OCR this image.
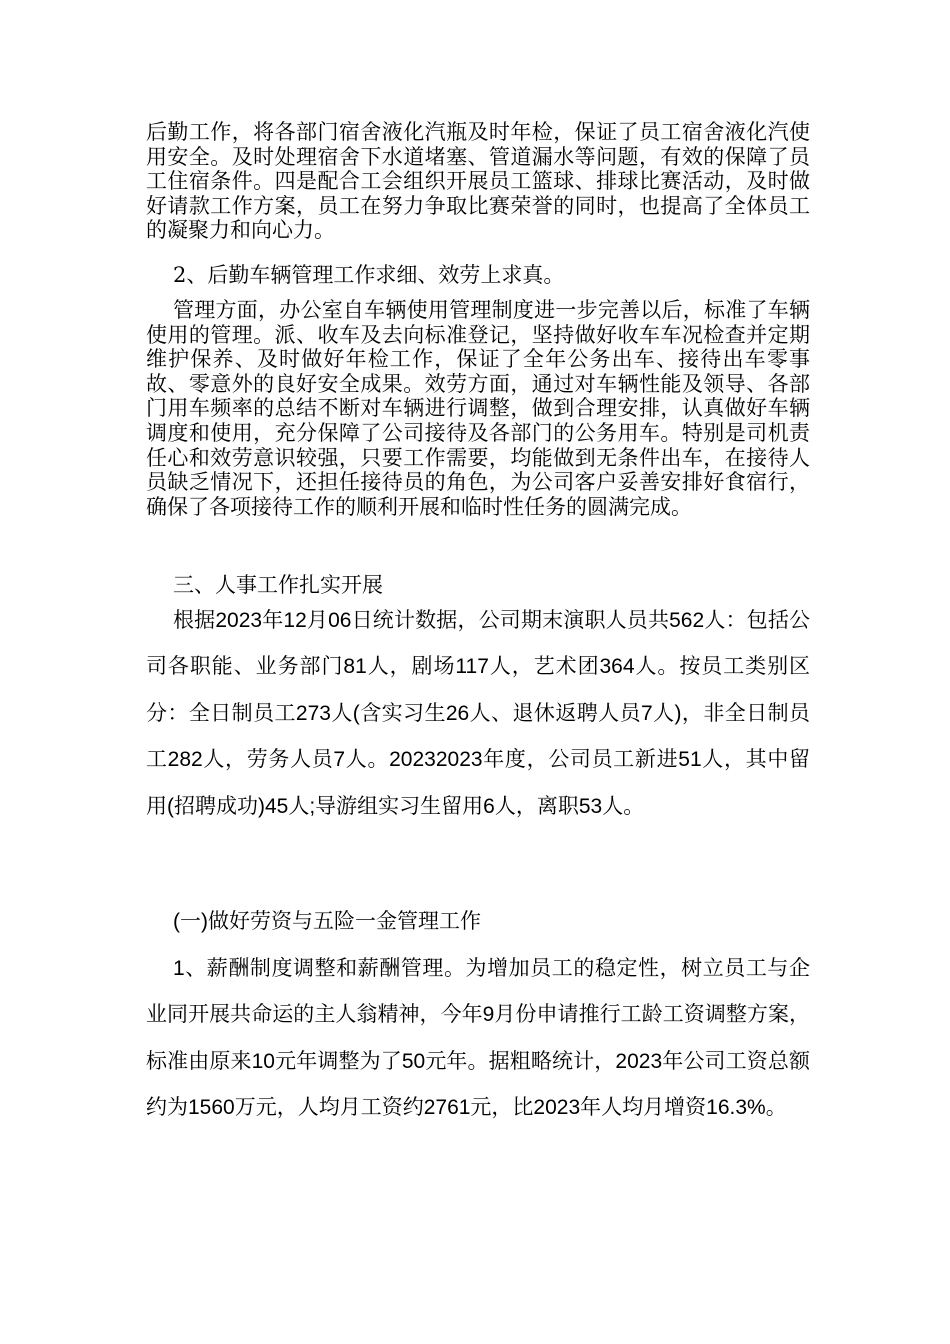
后勤工作，将各部门宿舍液化汽瓶及时年检，保证了员工宿舍液化汽使用安全。及时处理宿舍下水道堵塞、管道漏水等问题，有效的保障了员工住宿条件。四是配合工会组织开展员工篮球、排球比赛活动，及时做好请款工作方案，员工在努力争取比赛荣誉的同时，也提高了全体员工的凝聚力和向心力。

2、后勤车辆管理工作求细、效劳上求真。

管理方面，办公室自车辆使用管理制度进一步完善以后，标准了车辆使用的管理。派、收车及去向标准登记，坚持做好收车车况检查并定期维护保养、及时做好年检工作，保证了全年公务出车、接待出车零事故、零意外的良好安全成果。效劳方面，通过对车辆性能及领导、各部门用车频率的总结不断对车辆进行调整，做到合理安排，认真做好车辆调度和使用，充分保障了公司接待及各部门的公务用车。特别是司机责任心和效劳意识较强，只要工作需要，均能做到无条件出车，在接待人员缺乏情况下，还担任接待员的角色，为公司客户妥善安排好食宿行，确保了各项接待工作的顺利开展和临时性任务的圆满完成。

三、人事工作扎实开展

根据2023年12月06日统计数据，公司期末演职人员共562人：包括公司各职能、业务部门81人，剧场117人，艺术团364人。按员工类别区分：全日制员工273人(含实习生26人、退休返聘人员7人)，非全日制员工282人，劳务人员7人。20232023年度，公司员工新进51人，其中留用(招聘成功)45人;导游组实习生留用6人，离职53人。

(一)做好劳资与五险一金管理工作

1、薪酬制度调整和薪酬管理。为增加员工的稳定性，树立员工与企业同开展共命运的主人翁精神，今年9月份申请推行工龄工资调整方案，标准由原来10元年调整为了50元年。据粗略统计，2023年公司工资总额约为1560万元，人均月工资约2761元，比2023年人均月增资16.3%。
